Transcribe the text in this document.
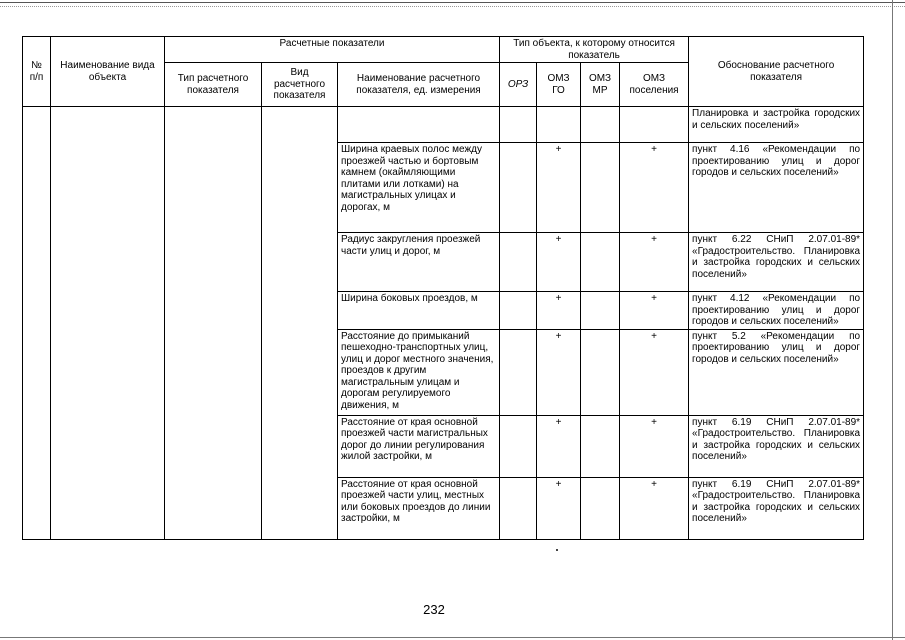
№ п/п	Наименование вида объекта	Расчетные показатели			Тип объекта, к которому относится показатель				Обоснование расчетного показателя
		Тип расчетного показателя	Вид расчетного показателя	Наименование расчетного показателя, ед. измерения	ОРЗ	ОМЗ ГО	ОМЗ МР	ОМЗ поселения	
									Планировка и застройка городских и сельских поселений»
				Ширина краевых полос между проезжей частью и бортовым камнем (окаймляющими плитами или лотками) на магистральных улицах и дорогах, м		+		+	пункт 4.16 «Рекомендации по проектированию улиц и дорог городов и сельских поселений»
				Радиус закругления проезжей части улиц и дорог, м		+		+	пункт 6.22 СНиП 2.07.01-89* «Градостроительство. Планировка и застройка городских и сельских поселений»
				Ширина боковых проездов, м		+		+	пункт 4.12 «Рекомендации по проектированию улиц и дорог городов и сельских поселений»
				Расстояние до примыканий пешеходно-транспортных улиц, улиц и дорог местного значения, проездов к другим магистральным улицам и дорогам регулируемого движения, м		+		+	пункт 5.2 «Рекомендации по проектированию улиц и дорог городов и сельских поселений»
				Расстояние от края основной проезжей части магистральных дорог до линии регулирования жилой застройки, м		+		+	пункт 6.19 СНиП 2.07.01-89* «Градостроительство. Планировка и застройка городских и сельских поселений»
				Расстояние от края основной проезжей части улиц, местных или боковых проездов до линии застройки, м		+		+	пункт 6.19 СНиП 2.07.01-89* «Градостроительство. Планировка и застройка городских и сельских поселений»
232
